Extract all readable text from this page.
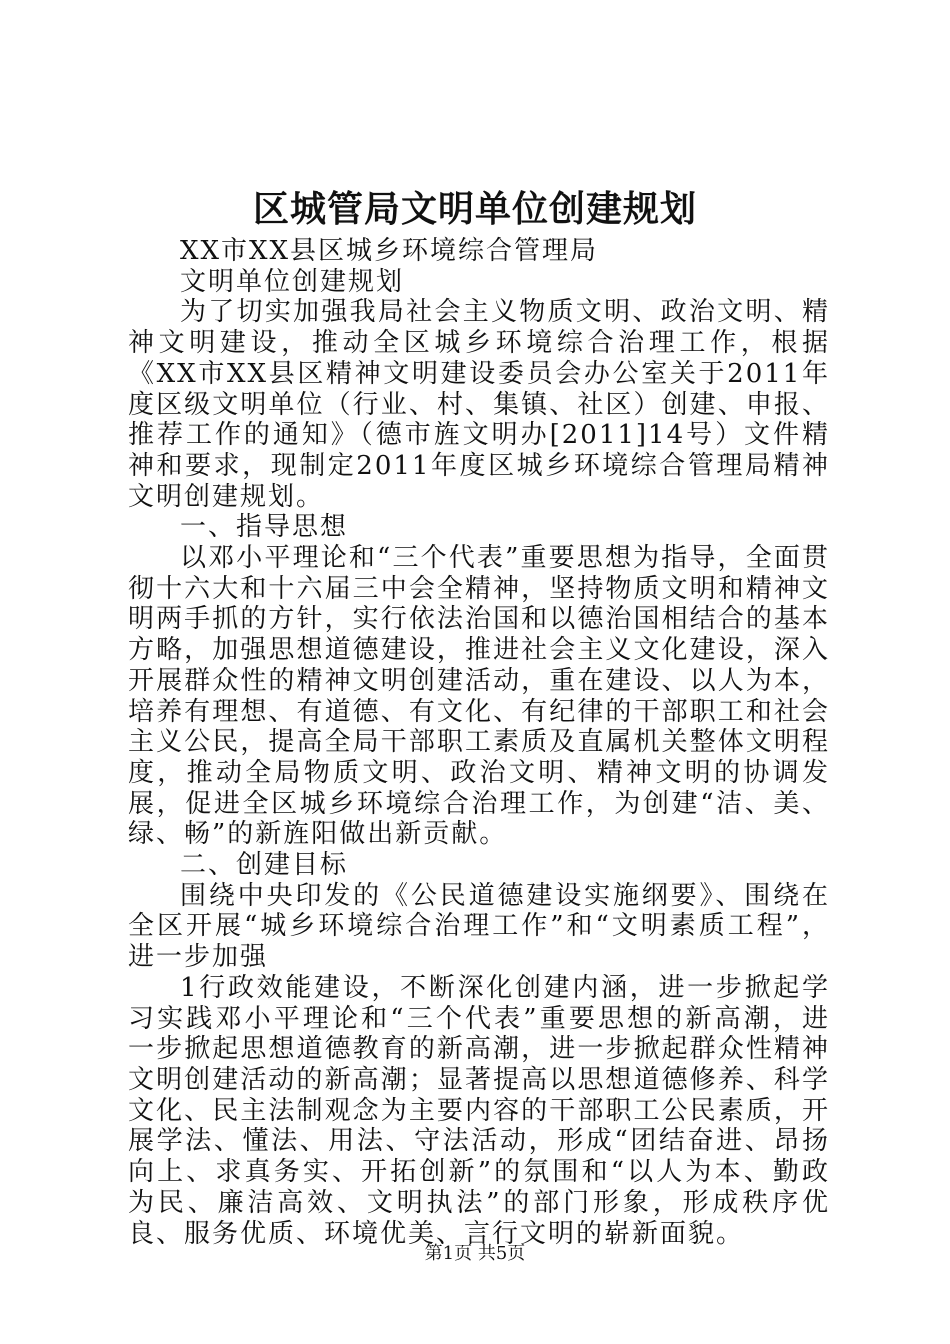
区城管局文明单位创建规划

XX市XX县区城乡环境综合管理局

文明单位创建规划

为了切实加强我局社会主义物质文明、政治文明、精神文明建设，推动全区城乡环境综合治理工作，根据《XX市XX县区精神文明建设委员会办公室关于2011年度区级文明单位（行业、村、集镇、社区）创建、申报、推荐工作的通知》（德市旌文明办[2011]14号）文件精神和要求，现制定2011年度区城乡环境综合管理局精神文明创建规划。

一、指导思想

以邓小平理论和“三个代表”重要思想为指导，全面贯彻十六大和十六届三中会全精神，坚持物质文明和精神文明两手抓的方针，实行依法治国和以德治国相结合的基本方略，加强思想道德建设，推进社会主义文化建设，深入开展群众性的精神文明创建活动，重在建设、以人为本，培养有理想、有道德、有文化、有纪律的干部职工和社会主义公民，提高全局干部职工素质及直属机关整体文明程度，推动全局物质文明、政治文明、精神文明的协调发展，促进全区城乡环境综合治理工作，为创建“洁、美、绿、畅”的新旌阳做出新贡献。

二、创建目标

围绕中央印发的《公民道德建设实施纲要》、围绕在全区开展“城乡环境综合治理工作”和“文明素质工程”，进一步加强

1行政效能建设，不断深化创建内涵，进一步掀起学习实践邓小平理论和“三个代表”重要思想的新高潮，进一步掀起思想道德教育的新高潮，进一步掀起群众性精神文明创建活动的新高潮；显著提高以思想道德修养、科学文化、民主法制观念为主要内容的干部职工公民素质，开展学法、懂法、用法、守法活动，形成“团结奋进、昂扬向上、求真务实、开拓创新”的氛围和“以人为本、勤政为民、廉洁高效、文明执法”的部门形象，形成秩序优良、服务优质、环境优美、言行文明的崭新面貌。

第1页 共5页
